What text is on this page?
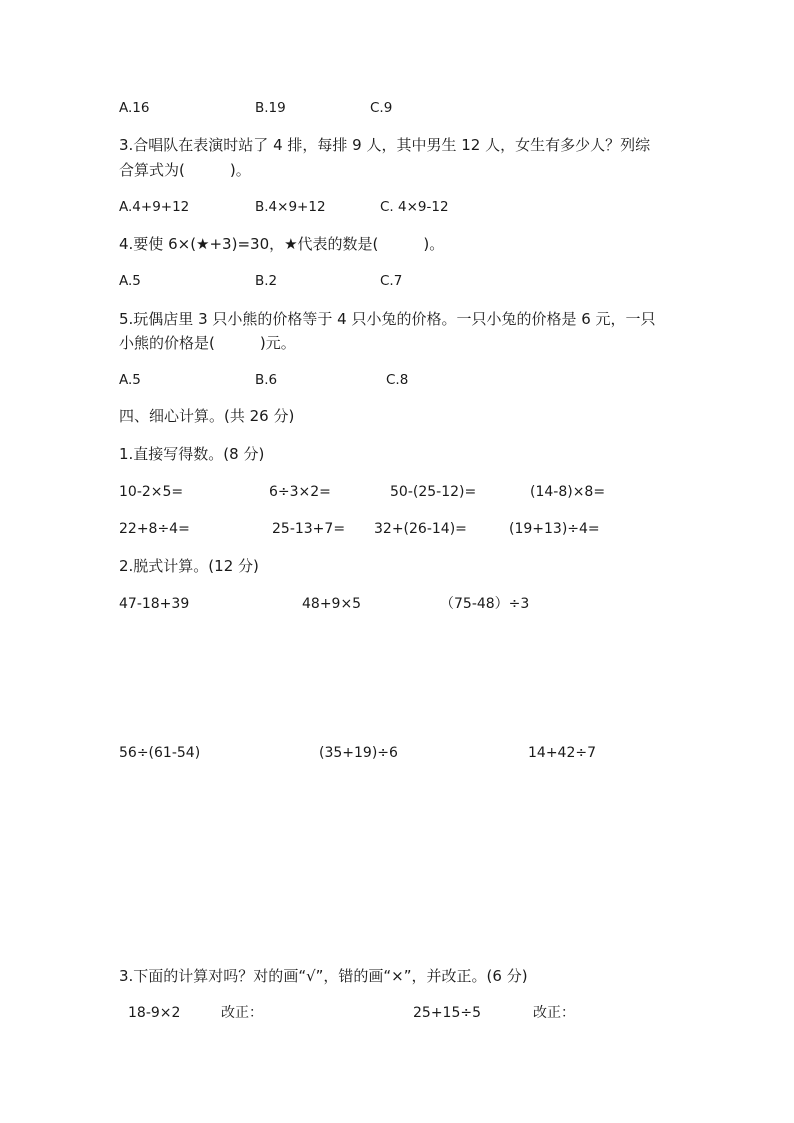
A.16	B.19	C.9
3.合唱队在表演时站了 4 排，每排 9 人，其中男生 12 人，女生有多少人？列综
合算式为(　　　)。
A.4+9+12	B.4×9+12	C. 4×9-12
4.要使 6×(★+3)=30，★代表的数是(　　　)。
A.5	B.2	C.7
5.玩偶店里 3 只小熊的价格等于 4 只小兔的价格。一只小兔的价格是 6 元，一只
小熊的价格是(　　　)元。
A.5	B.6	C.8
四、细心计算。(共 26 分)
1.直接写得数。(8 分)
10-2×5=	6÷3×2=	50-(25-12)=	(14-8)×8=
22+8÷4=	25-13+7= 32+(26-14)=	(19+13)÷4=
2.脱式计算。(12 分)
47-18+39	48+9×5	（75-48）÷3
56÷(61-54)	(35+19)÷6	14+42÷7
3.下面的计算对吗？对的画“√”，错的画“×”，并改正。(6 分)
18-9×2	改正：	25+15÷5	改正：
